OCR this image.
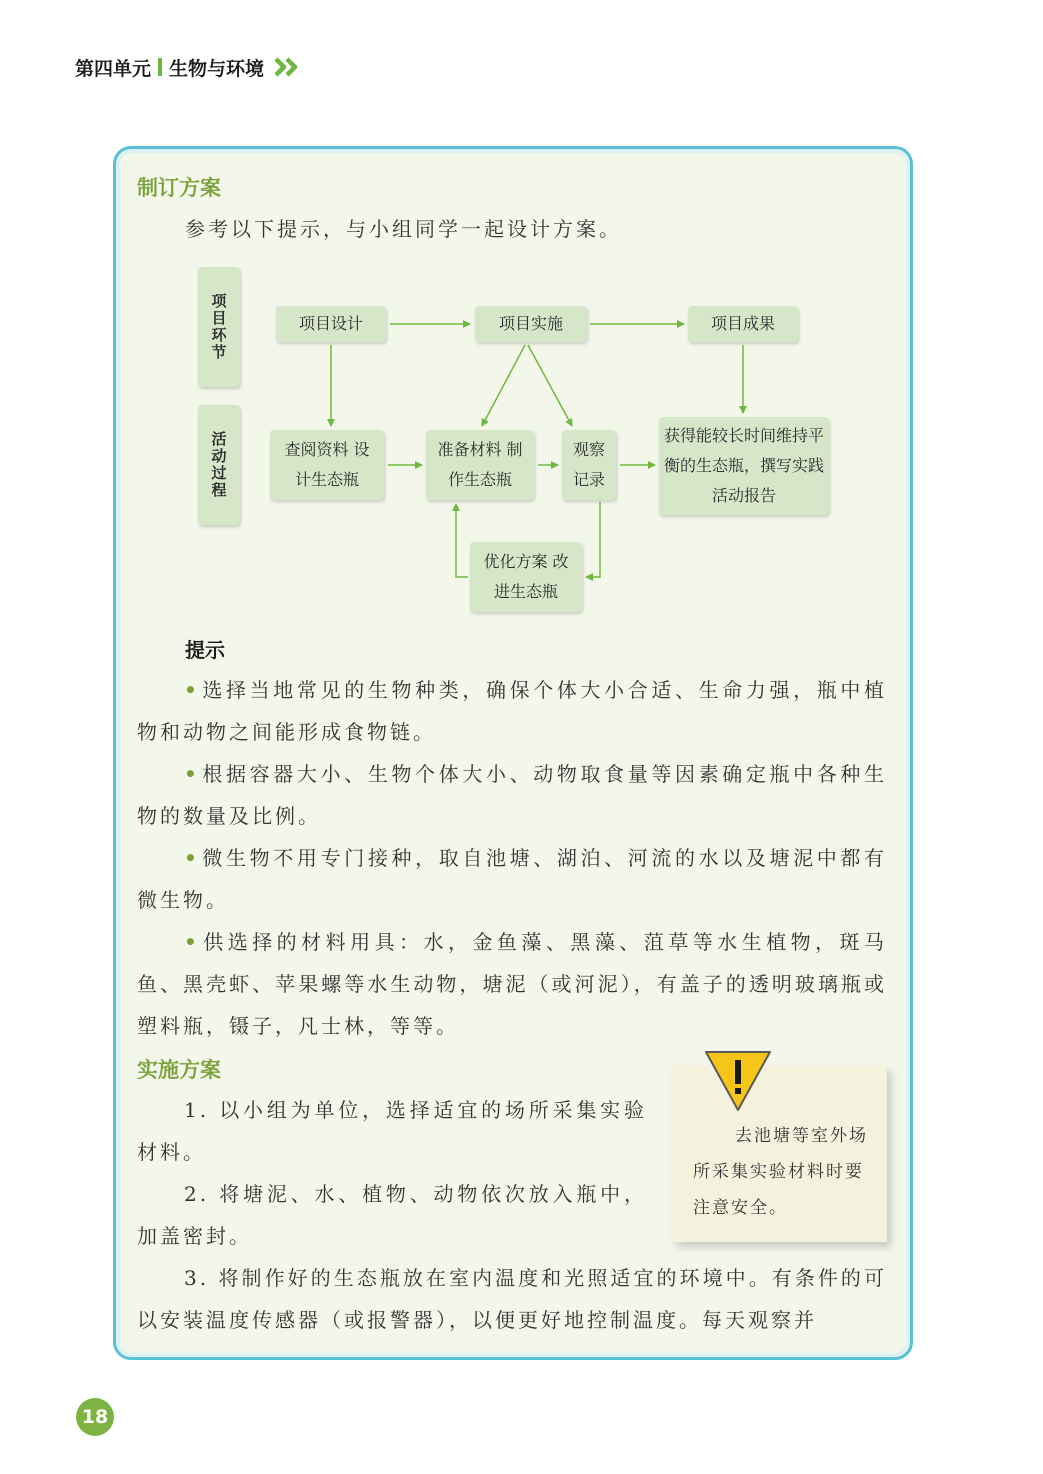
第四单元 生物与环境
制订方案
参考以下提示，与小组同学一起设计方案。
项目环节
活动过程
项目设计	项目实施	项目成果
查阅资料 设计生态瓶
准备材料 制作生态瓶
观察 记录
获得能较长时间维持平衡的生态瓶，撰写实践活动报告
优化方案 改进生态瓶
提示
• 选择当地常见的生物种类，确保个体大小合适、生命力强，瓶中植物和动物之间能形成食物链。
• 根据容器大小、生物个体大小、动物取食量等因素确定瓶中各种生物的数量及比例。
• 微生物不用专门接种，取自池塘、湖泊、河流的水以及塘泥中都有微生物。
• 供选择的材料用具：水，金鱼藻、黑藻、菹草等水生植物，斑马鱼、黑壳虾、苹果螺等水生动物，塘泥（或河泥），有盖子的透明玻璃瓶或塑料瓶，镊子，凡士林，等等。
实施方案
1. 以小组为单位，选择适宜的场所采集实验材料。
2. 将塘泥、水、植物、动物依次放入瓶中，加盖密封。
3. 将制作好的生态瓶放在室内温度和光照适宜的环境中。有条件的可以安装温度传感器（或报警器），以便更好地控制温度。每天观察并
去池塘等室外场所采集实验材料时要注意安全。
18
